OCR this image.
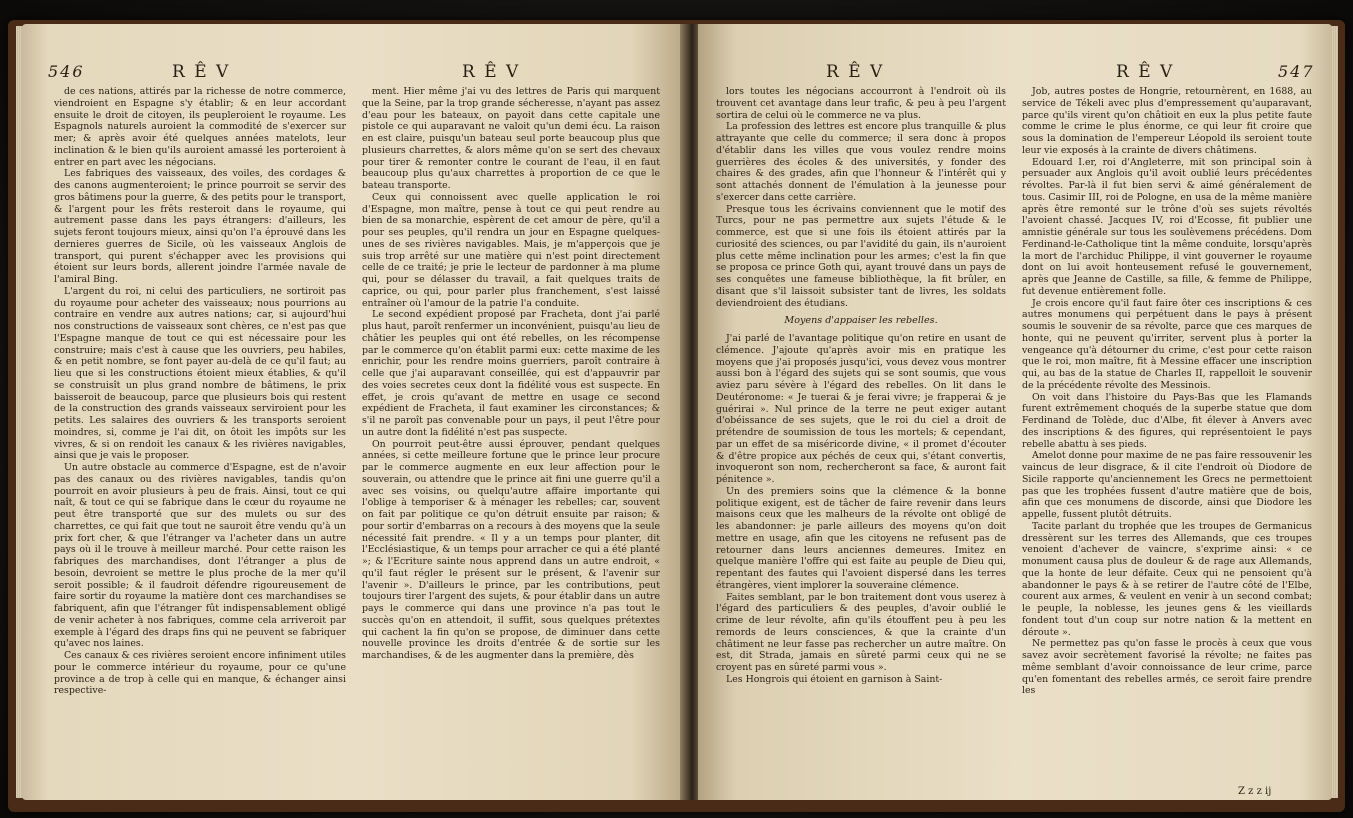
546	R Ê V	R Ê V

de ces nations, attirés par la richesse de notre commerce, viendroient en Espagne s'y établir; & en leur accordant ensuite le droit de citoyen, ils peupleroient le royaume. Les Espagnols naturels auroient la commodité de s'exercer sur mer; & après avoir été quelques années matelots, leur inclination & le bien qu'ils auroient amassé les porteroient à entrer en part avec les négocians.

Les fabriques des vaisseaux, des voiles, des cordages & des canons augmenteroient; le prince pourroit se servir des gros bâtimens pour la guerre, & des petits pour le transport, & l'argent pour les frêts resteroit dans le royaume, qui autrement passe dans les pays étrangers: d'ailleurs, les sujets feront toujours mieux, ainsi qu'on l'a éprouvé dans les dernieres guerres de Sicile, où les vaisseaux Anglois de transport, qui purent s'échapper avec les provisions qui étoient sur leurs bords, allerent joindre l'armée navale de l'amiral Bing.

L'argent du roi, ni celui des particuliers, ne sortiroit pas du royaume pour acheter des vaisseaux; nous pourrions au contraire en vendre aux autres nations; car, si aujourd'hui nos constructions de vaisseaux sont chères, ce n'est pas que l'Espagne manque de tout ce qui est nécessaire pour les construire; mais c'est à cause que les ouvriers, peu habiles, & en petit nombre, se font payer au-delà de ce qu'il faut; au lieu que si les constructions étoient mieux établies, & qu'il se construisît un plus grand nombre de bâtimens, le prix baisseroit de beaucoup, parce que plusieurs bois qui restent de la construction des grands vaisseaux serviroient pour les petits. Les salaires des ouvriers & les transports seroient moindres, si, comme je l'ai dit, on ôtoit les impôts sur les vivres, & si on rendoit les canaux & les rivières navigables, ainsi que je vais le proposer.

Un autre obstacle au commerce d'Espagne, est de n'avoir pas des canaux ou des rivières navigables, tandis qu'on pourroit en avoir plusieurs à peu de frais. Ainsi, tout ce qui naît, & tout ce qui se fabrique dans le cœur du royaume ne peut être transporté que sur des mulets ou sur des charrettes, ce qui fait que tout ne sauroit être vendu qu'à un prix fort cher, & que l'étranger va l'acheter dans un autre pays où il le trouve à meilleur marché. Pour cette raison les fabriques des marchandises, dont l'étranger a plus de besoin, devroient se mettre le plus proche de la mer qu'il seroit possible; & il faudroit défendre rigoureusement de faire sortir du royaume la matière dont ces marchandises se fabriquent, afin que l'étranger fût indispensablement obligé de venir acheter à nos fabriques, comme cela arriveroit par exemple à l'égard des draps fins qui ne peuvent se fabriquer qu'avec nos laines.

Ces canaux & ces rivières seroient encore infiniment utiles pour le commerce intérieur du royaume, pour ce qu'une province a de trop à celle qui en manque, & échanger ainsi respective-

ment. Hier même j'ai vu des lettres de Paris qui marquent que la Seine, par la trop grande sécheresse, n'ayant pas assez d'eau pour les bateaux, on payoit dans cette capitale une pistole ce qui auparavant ne valoit qu'un demi écu. La raison en est claire, puisqu'un bateau seul porte beaucoup plus que plusieurs charrettes, & alors même qu'on se sert des chevaux pour tirer & remonter contre le courant de l'eau, il en faut beaucoup plus qu'aux charrettes à proportion de ce que le bateau transporte.

Ceux qui connoissent avec quelle application le roi d'Espagne, mon maître, pense à tout ce qui peut rendre au bien de sa monarchie, espèrent de cet amour de père, qu'il a pour ses peuples, qu'il rendra un jour en Espagne quelques-unes de ses rivières navigables. Mais, je m'apperçois que je suis trop arrêté sur une matière qui n'est point directement celle de ce traité; je prie le lecteur de pardonner à ma plume qui, pour se délasser du travail, a fait quelques traits de caprice, ou qui, pour parler plus franchement, s'est laissé entraîner où l'amour de la patrie l'a conduite.

Le second expédient proposé par Fracheta, dont j'ai parlé plus haut, paroît renfermer un inconvénient, puisqu'au lieu de châtier les peuples qui ont été rebelles, on les récompense par le commerce qu'on établit parmi eux: cette maxime de les enrichir, pour les rendre moins guerriers, paroît contraire à celle que j'ai auparavant conseillée, qui est d'appauvrir par des voies secretes ceux dont la fidélité vous est suspecte. En effet, je crois qu'avant de mettre en usage ce second expédient de Fracheta, il faut examiner les circonstances; & s'il ne paroît pas convenable pour un pays, il peut l'être pour un autre dont la fidélité n'est pas suspecte.

On pourroit peut-être aussi éprouver, pendant quelques années, si cette meilleure fortune que le prince leur procure par le commerce augmente en eux leur affection pour le souverain, ou attendre que le prince ait fini une guerre qu'il a avec ses voisins, ou quelqu'autre affaire importante qui l'oblige à temporiser & à ménager les rebelles; car, souvent on fait par politique ce qu'on détruit ensuite par raison; & pour sortir d'embarras on a recours à des moyens que la seule nécessité fait prendre. « Il y a un temps pour planter, dit l'Ecclésiastique, & un temps pour arracher ce qui a été planté »; & l'Ecriture sainte nous apprend dans un autre endroit, « qu'il faut régler le présent sur le présent, & l'avenir sur l'avenir ». D'ailleurs le prince, par les contributions, peut toujours tirer l'argent des sujets, & pour établir dans un autre pays le commerce qui dans une province n'a pas tout le succès qu'on en attendoit, il suffit, sous quelques prétextes qui cachent la fin qu'on se propose, de diminuer dans cette nouvelle province les droits d'entrée & de sortie sur les marchandises, & de les augmenter dans la première, dès

R Ê V	R Ê V	547

lors toutes les négocians accourront à l'endroit où ils trouvent cet avantage dans leur trafic, & peu à peu l'argent sortira de celui où le commerce ne va plus.

La profession des lettres est encore plus tranquille & plus attrayante que celle du commerce; il sera donc à propos d'établir dans les villes que vous voulez rendre moins guerrières des écoles & des universités, y fonder des chaires & des grades, afin que l'honneur & l'intérêt qui y sont attachés donnent de l'émulation à la jeunesse pour s'exercer dans cette carrière.

Presque tous les écrivains conviennent que le motif des Turcs, pour ne pas permettre aux sujets l'étude & le commerce, est que si une fois ils étoient attirés par la curiosité des sciences, ou par l'avidité du gain, ils n'auroient plus cette même inclination pour les armes; c'est la fin que se proposa ce prince Goth qui, ayant trouvé dans un pays de ses conquêtes une fameuse bibliothèque, la fit brûler, en disant que s'il laissoit subsister tant de livres, les soldats deviendroient des étudians.

Moyens d'appaiser les rebelles.

J'ai parlé de l'avantage politique qu'on retire en usant de clémence. J'ajoute qu'après avoir mis en pratique les moyens que j'ai proposés jusqu'ici, vous devez vous montrer aussi bon à l'égard des sujets qui se sont soumis, que vous aviez paru sévère à l'égard des rebelles. On lit dans le Deutéronome: « Je tuerai & je ferai vivre; je frapperai & je guérirai ». Nul prince de la terre ne peut exiger autant d'obéissance de ses sujets, que le roi du ciel a droit de prétendre de soumission de tous les mortels; & cependant, par un effet de sa miséricorde divine, « il promet d'écouter & d'être propice aux péchés de ceux qui, s'étant convertis, invoqueront son nom, rechercheront sa face, & auront fait pénitence ».

Un des premiers soins que la clémence & la bonne politique exigent, est de tâcher de faire revenir dans leurs maisons ceux que les malheurs de la révolte ont obligé de les abandonner: je parle ailleurs des moyens qu'on doit mettre en usage, afin que les citoyens ne refusent pas de retourner dans leurs anciennes demeures. Imitez en quelque manière l'offre qui est faite au peuple de Dieu qui, repentant des fautes qui l'avoient dispersé dans les terres étrangères, vient implorer la souveraine clémence.

Faites semblant, par le bon traitement dont vous userez à l'égard des particuliers & des peuples, d'avoir oublié le crime de leur révolte, afin qu'ils étouffent peu à peu les remords de leurs consciences, & que la crainte d'un châtiment ne leur fasse pas rechercher un autre maître. On est, dit Strada, jamais en sûreté parmi ceux qui ne se croyent pas en sûreté parmi vous ».

Les Hongrois qui étoient en garnison à Saint-

Job, autres postes de Hongrie, retournèrent, en 1688, au service de Tékeli avec plus d'empressement qu'auparavant, parce qu'ils virent qu'on châtioit en eux la plus petite faute comme le crime le plus énorme, ce qui leur fit croire que sous la domination de l'empereur Léopold ils seroient toute leur vie exposés à la crainte de divers châtimens.

Edouard I.er, roi d'Angleterre, mit son principal soin à persuader aux Anglois qu'il avoit oublié leurs précédentes révoltes. Par-là il fut bien servi & aimé généralement de tous. Casimir III, roi de Pologne, en usa de la même manière après être remonté sur le trône d'où ses sujets révoltés l'avoient chassé. Jacques IV, roi d'Ecosse, fit publier une amnistie générale sur tous les soulèvemens précédens. Dom Ferdinand-le-Catholique tint la même conduite, lorsqu'après la mort de l'archiduc Philippe, il vint gouverner le royaume dont on lui avoit honteusement refusé le gouvernement, après que Jeanne de Castille, sa fille, & femme de Philippe, fut devenue entièrement folle.

Je crois encore qu'il faut faire ôter ces inscriptions & ces autres monumens qui perpétuent dans le pays à présent soumis le souvenir de sa révolte, parce que ces marques de honte, qui ne peuvent qu'irriter, servent plus à porter la vengeance qu'à détourner du crime, c'est pour cette raison que le roi, mon maître, fit à Messine effacer une inscription qui, au bas de la statue de Charles II, rappelloit le souvenir de la précédente révolte des Messinois.

On voit dans l'histoire du Pays-Bas que les Flamands furent extrêmement choqués de la superbe statue que dom Ferdinand de Tolède, duc d'Albe, fit élever à Anvers avec des inscriptions & des figures, qui représentoient le pays rebelle abattu à ses pieds.

Amelot donne pour maxime de ne pas faire ressouvenir les vaincus de leur disgrace, & il cite l'endroit où Diodore de Sicile rapporte qu'anciennement les Grecs ne permettoient pas que les trophées fussent d'autre matière que de bois, afin que ces monumens de discorde, ainsi que Diodore les appelle, fussent plutôt détruits.

Tacite parlant du trophée que les troupes de Germanicus dressèrent sur les terres des Allemands, que ces troupes venoient d'achever de vaincre, s'exprime ainsi: « ce monument causa plus de douleur & de rage aux Allemands, que la honte de leur défaite. Ceux qui ne pensoient qu'à abandonner le pays & à se retirer de l'autre côté de l'Elbe, courent aux armes, & veulent en venir à un second combat; le peuple, la noblesse, les jeunes gens & les vieillards fondent tout d'un coup sur notre nation & la mettent en déroute ».

Ne permettez pas qu'on fasse le procès à ceux que vous savez avoir secrètement favorisé la révolte; ne faites pas même semblant d'avoir connoissance de leur crime, parce qu'en fomentant des rebelles armés, ce seroit faire prendre les

Z z z ij
